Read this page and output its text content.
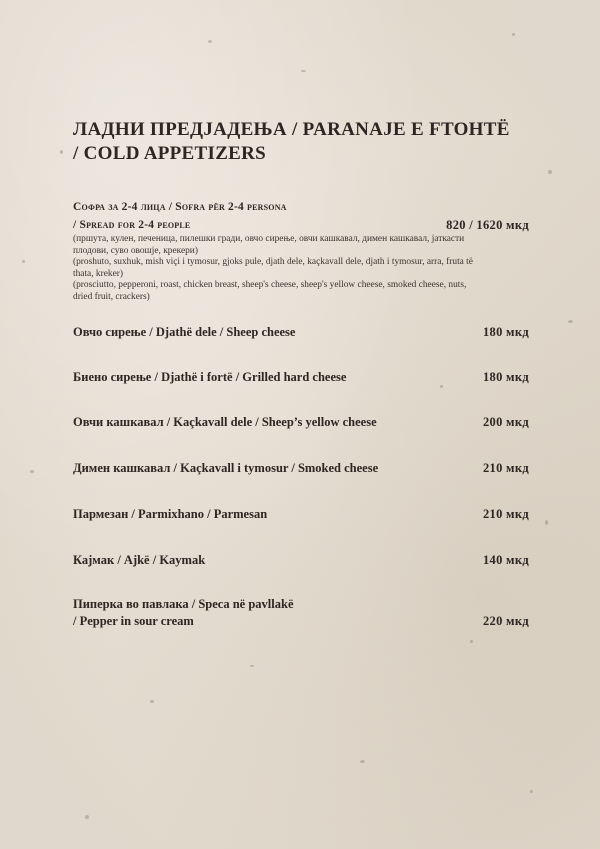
ЛАДНИ ПРЕДЈАДЕЊА / PARANAJE E FTOHTË
/ COLD APPETIZERS
Софра за 2-4 лица / Sofra për 2-4 persona
/ Spread for 2-4 people	820 / 1620 мкд
(пршута, кулен, печеница, пилешки гради, овчо сирење, овчи кашкавал, димен кашкавал, јаткасти плодови, суво овошје, крекери)
(proshuto, suxhuk, mish viçi i tymosur, gjoks pule, djath dele, kaçkavall dele, djath i tymosur, arra, fruta të thata, kreker)
(prosciutto, pepperoni, roast, chicken breast, sheep's cheese, sheep's yellow cheese, smoked cheese, nuts, dried fruit, crackers)
Овчо сирење / Djathë dele / Sheep cheese	180 мкд
Биено сирење / Djathë i fortë / Grilled hard cheese	180 мкд
Овчи кашкавал / Kaçkavall dele / Sheep’s yellow cheese	200 мкд
Димен кашкавал / Kaçkavall i tymosur / Smoked cheese	210 мкд
Пармезан / Parmixhano / Parmesan	210 мкд
Кајмак / Ajkë / Kaymak	140 мкд
Пиперка во павлака / Speca në pavllakë
/ Pepper in sour cream	220 мкд
